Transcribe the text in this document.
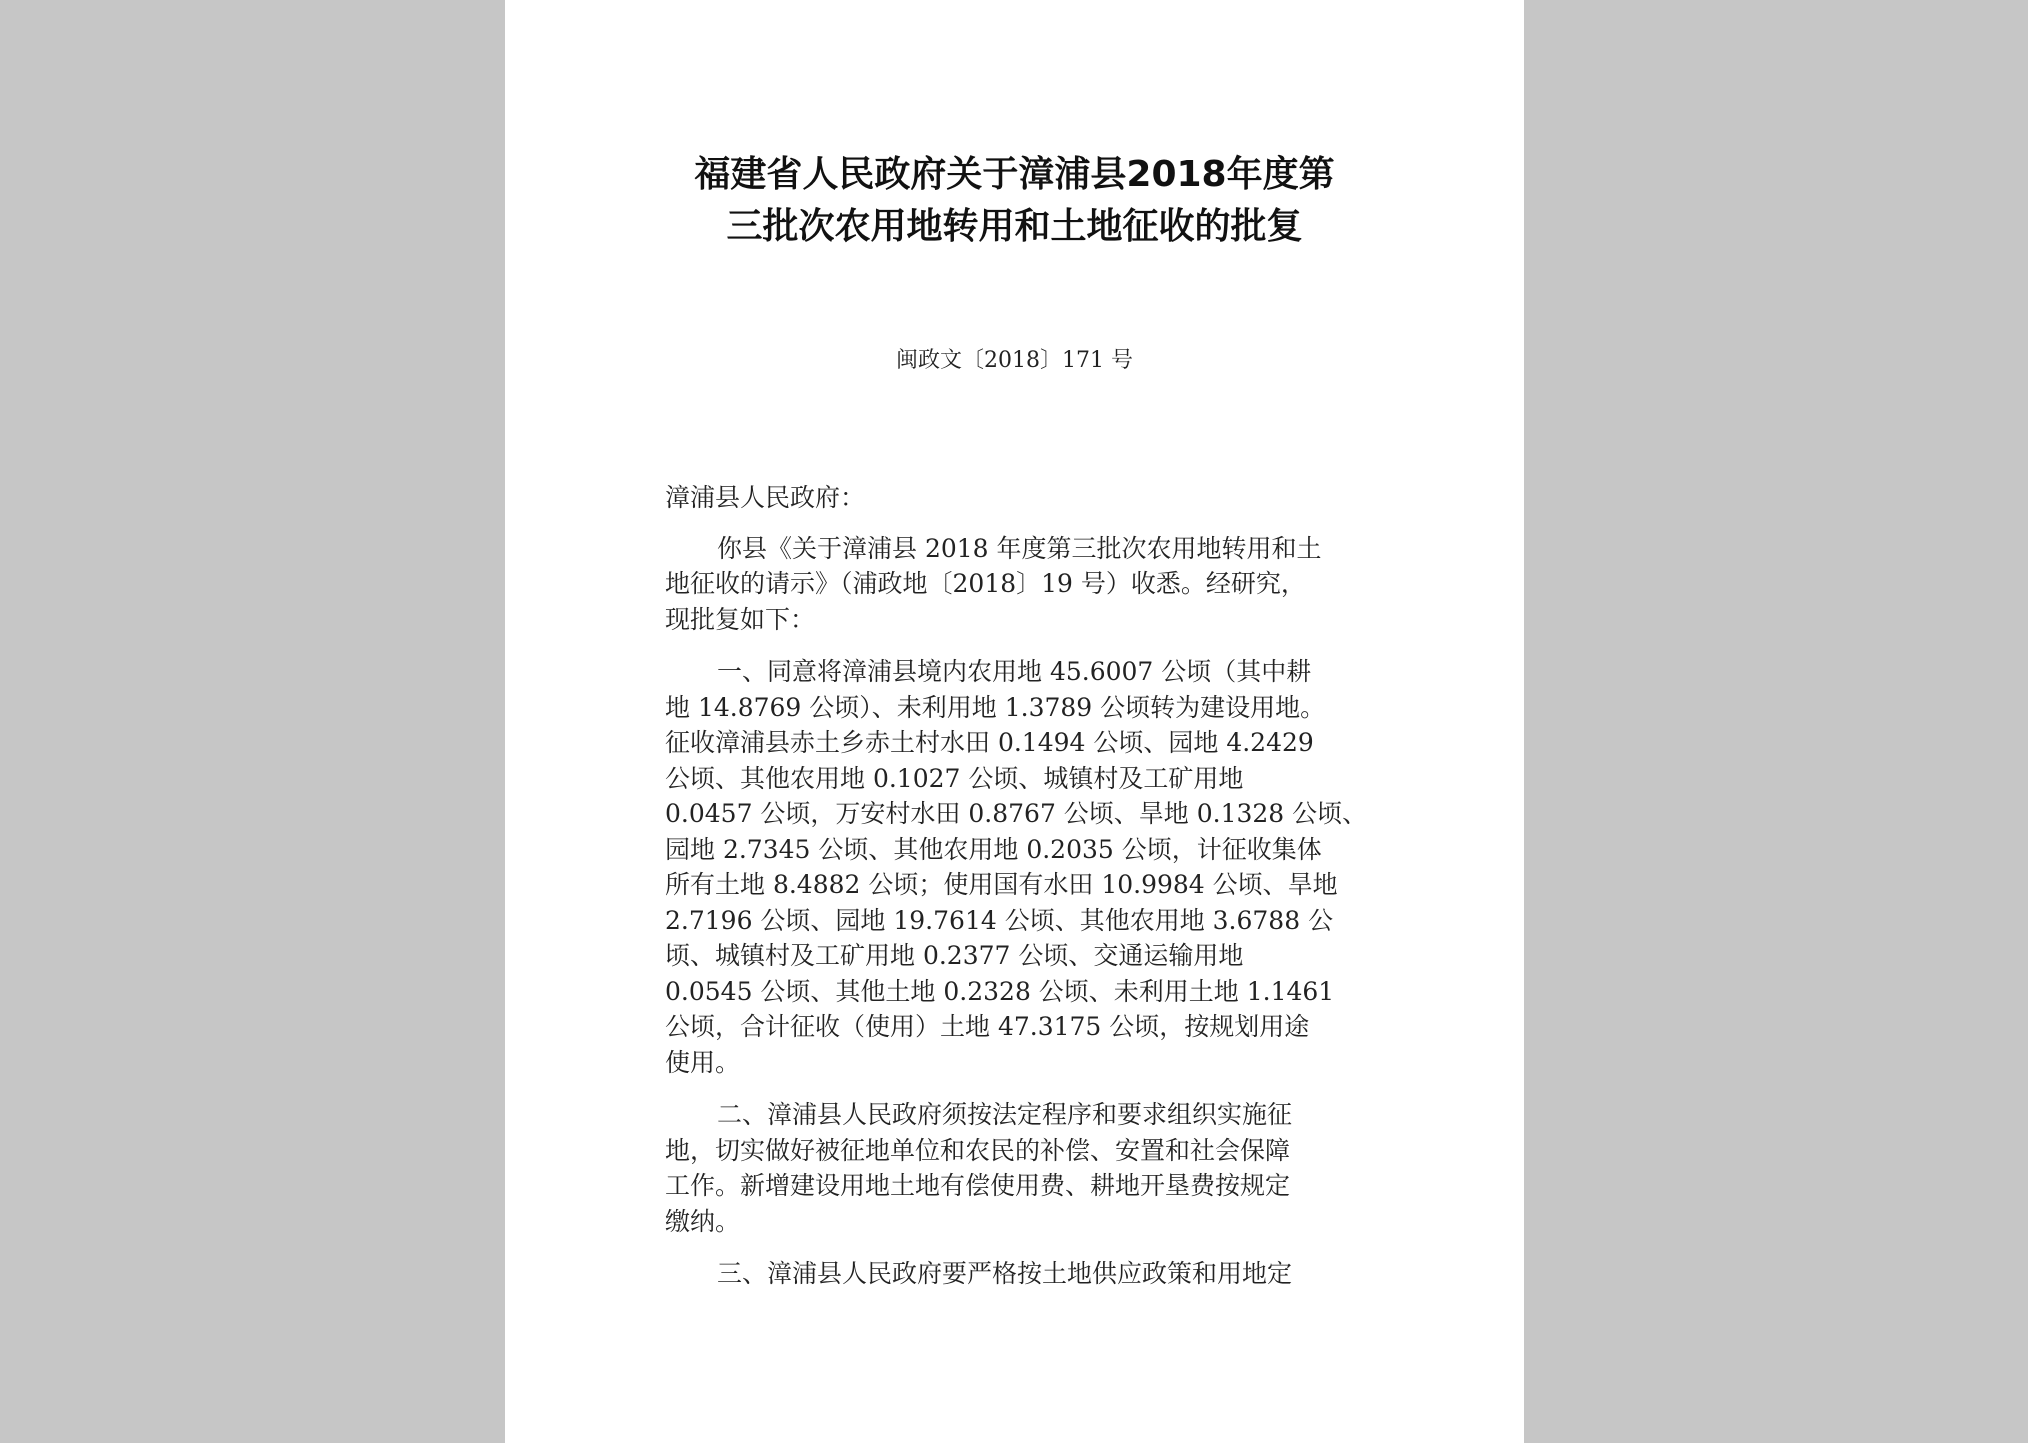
福建省人民政府关于漳浦县2018年度第
三批次农用地转用和土地征收的批复
闽政文〔2018〕171 号
漳浦县人民政府：
你县《关于漳浦县 2018 年度第三批次农用地转用和土
地征收的请示》（浦政地〔2018〕19 号）收悉。经研究，
现批复如下：
一、同意将漳浦县境内农用地 45.6007 公顷（其中耕
地 14.8769 公顷）、未利用地 1.3789 公顷转为建设用地。
征收漳浦县赤土乡赤土村水田 0.1494 公顷、园地 4.2429
公顷、其他农用地 0.1027 公顷、城镇村及工矿用地
0.0457 公顷，万安村水田 0.8767 公顷、旱地 0.1328 公顷、
园地 2.7345 公顷、其他农用地 0.2035 公顷，计征收集体
所有土地 8.4882 公顷；使用国有水田 10.9984 公顷、旱地
2.7196 公顷、园地 19.7614 公顷、其他农用地 3.6788 公
顷、城镇村及工矿用地 0.2377 公顷、交通运输用地
0.0545 公顷、其他土地 0.2328 公顷、未利用土地 1.1461
公顷，合计征收（使用）土地 47.3175 公顷，按规划用途
使用。
二、漳浦县人民政府须按法定程序和要求组织实施征
地，切实做好被征地单位和农民的补偿、安置和社会保障
工作。新增建设用地土地有偿使用费、耕地开垦费按规定
缴纳。
三、漳浦县人民政府要严格按土地供应政策和用地定
